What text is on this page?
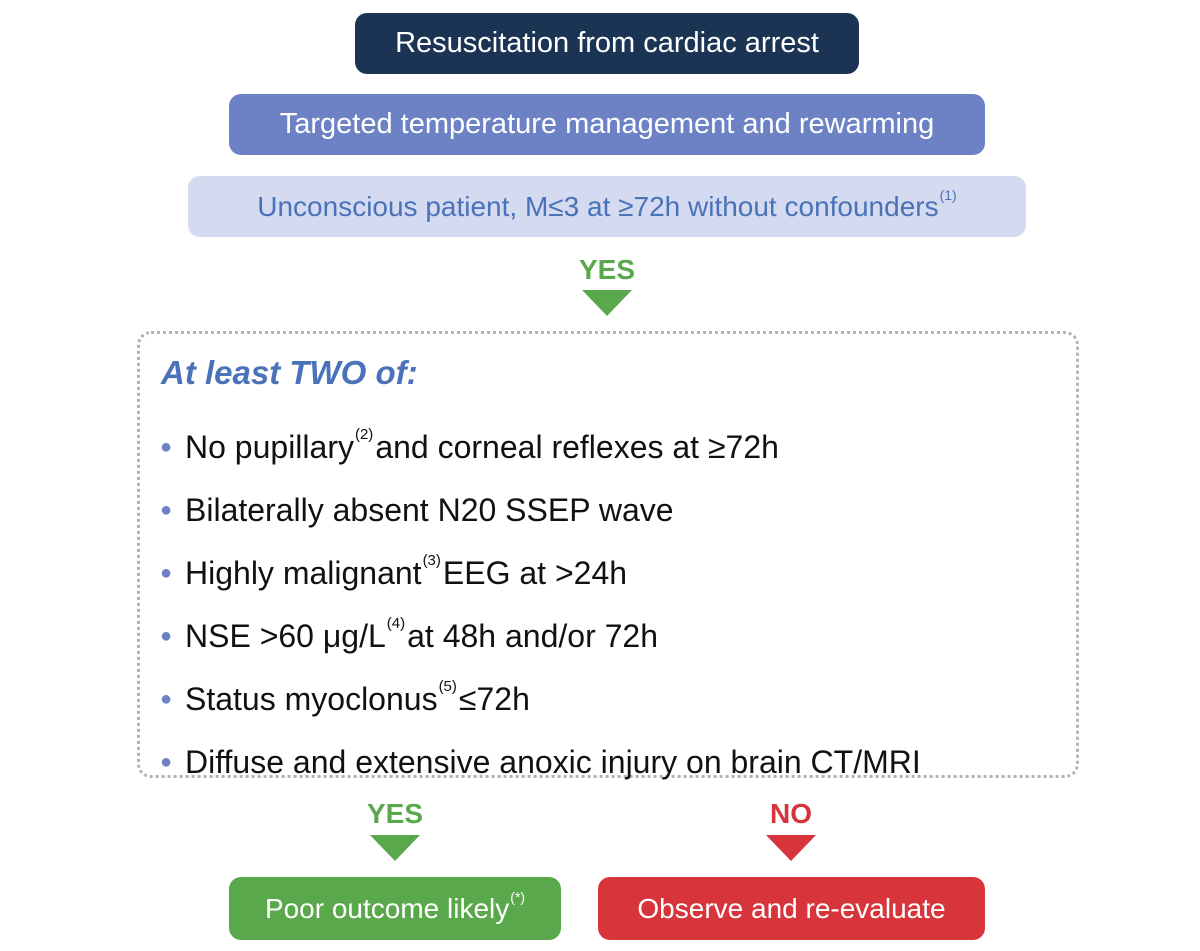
Resuscitation from cardiac arrest
Targeted temperature management and rewarming
Unconscious patient, M≤3 at ≥72h without confounders$^{(1)}$
YES
At least TWO of:
● No pupillary$^{(2)}$ and corneal reflexes at ≥72h
● Bilaterally absent N20 SSEP wave
● Highly malignant$^{(3)}$ EEG at >24h
● NSE >60 $\mu g/L^{(4)}$ at 48h and/or 72h
● Status myoclonus$^{(5)}$ ≤72h
● Diffuse and extensive anoxic injury on brain CT/MRI
YES	NO
Poor outcome likely(*)	Observe and re-evaluate
